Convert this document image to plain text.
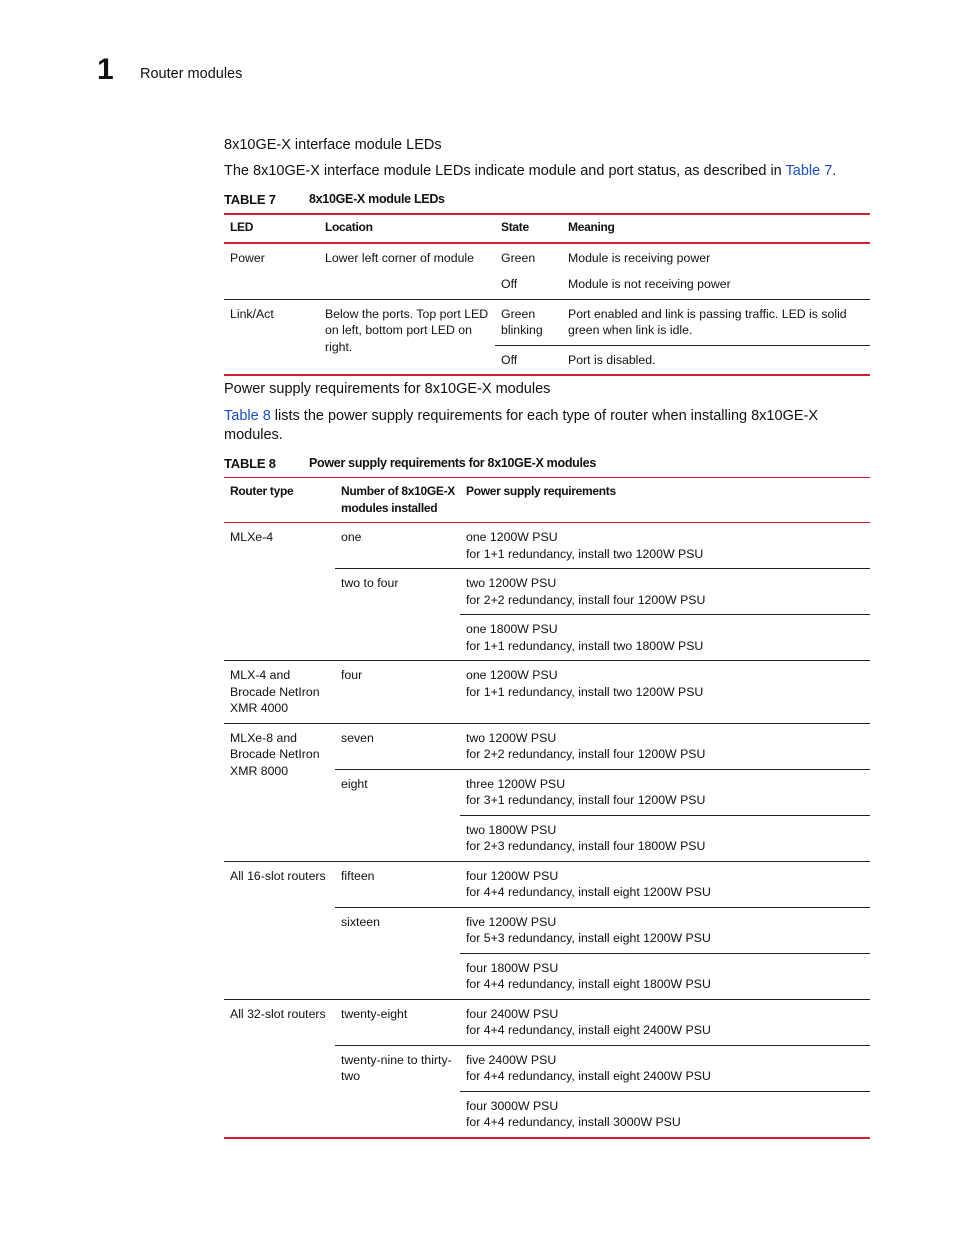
1 Router modules
8x10GE-X interface module LEDs

The 8x10GE-X interface module LEDs indicate module and port status, as described in Table 7.

TABLE 7	8x10GE-X module LEDs
LED	Location	State	Meaning
Power	Lower left corner of module	Green	Module is receiving power
		Off	Module is not receiving power
Link/Act	Below the ports. Top port LED on left, bottom port LED on right.	Green blinking	Port enabled and link is passing traffic. LED is solid green when link is idle.
		Off	Port is disabled.
Power supply requirements for 8x10GE-X modules

Table 8 lists the power supply requirements for each type of router when installing 8x10GE-X modules.

TABLE 8	Power supply requirements for 8x10GE-X modules
Router type	Number of 8x10GE-X modules installed	Power supply requirements
MLXe-4	one	one 1200W PSU
for 1+1 redundancy, install two 1200W PSU

	two to four	two 1200W PSU
for 2+2 redundancy, install four 1200W PSU

		one 1800W PSU
for 1+1 redundancy, install two 1800W PSU

MLX-4 and Brocade NetIron XMR 4000	four	one 1200W PSU
for 1+1 redundancy, install two 1200W PSU

MLXe-8 and Brocade NetIron XMR 8000	seven	two 1200W PSU
for 2+2 redundancy, install four 1200W PSU

	eight	three 1200W PSU
for 3+1 redundancy, install four 1200W PSU

		two 1800W PSU
for 2+3 redundancy, install four 1800W PSU

All 16-slot routers	fifteen	four 1200W PSU
for 4+4 redundancy, install eight 1200W PSU

	sixteen	five 1200W PSU
for 5+3 redundancy, install eight 1200W PSU

		four 1800W PSU
for 4+4 redundancy, install eight 1800W PSU

All 32-slot routers	twenty-eight	four 2400W PSU
for 4+4 redundancy, install eight 2400W PSU

	twenty-nine to thirty-two	five 2400W PSU
for 4+4 redundancy, install eight 2400W PSU

		four 3000W PSU
for 4+4 redundancy, install 3000W PSU
